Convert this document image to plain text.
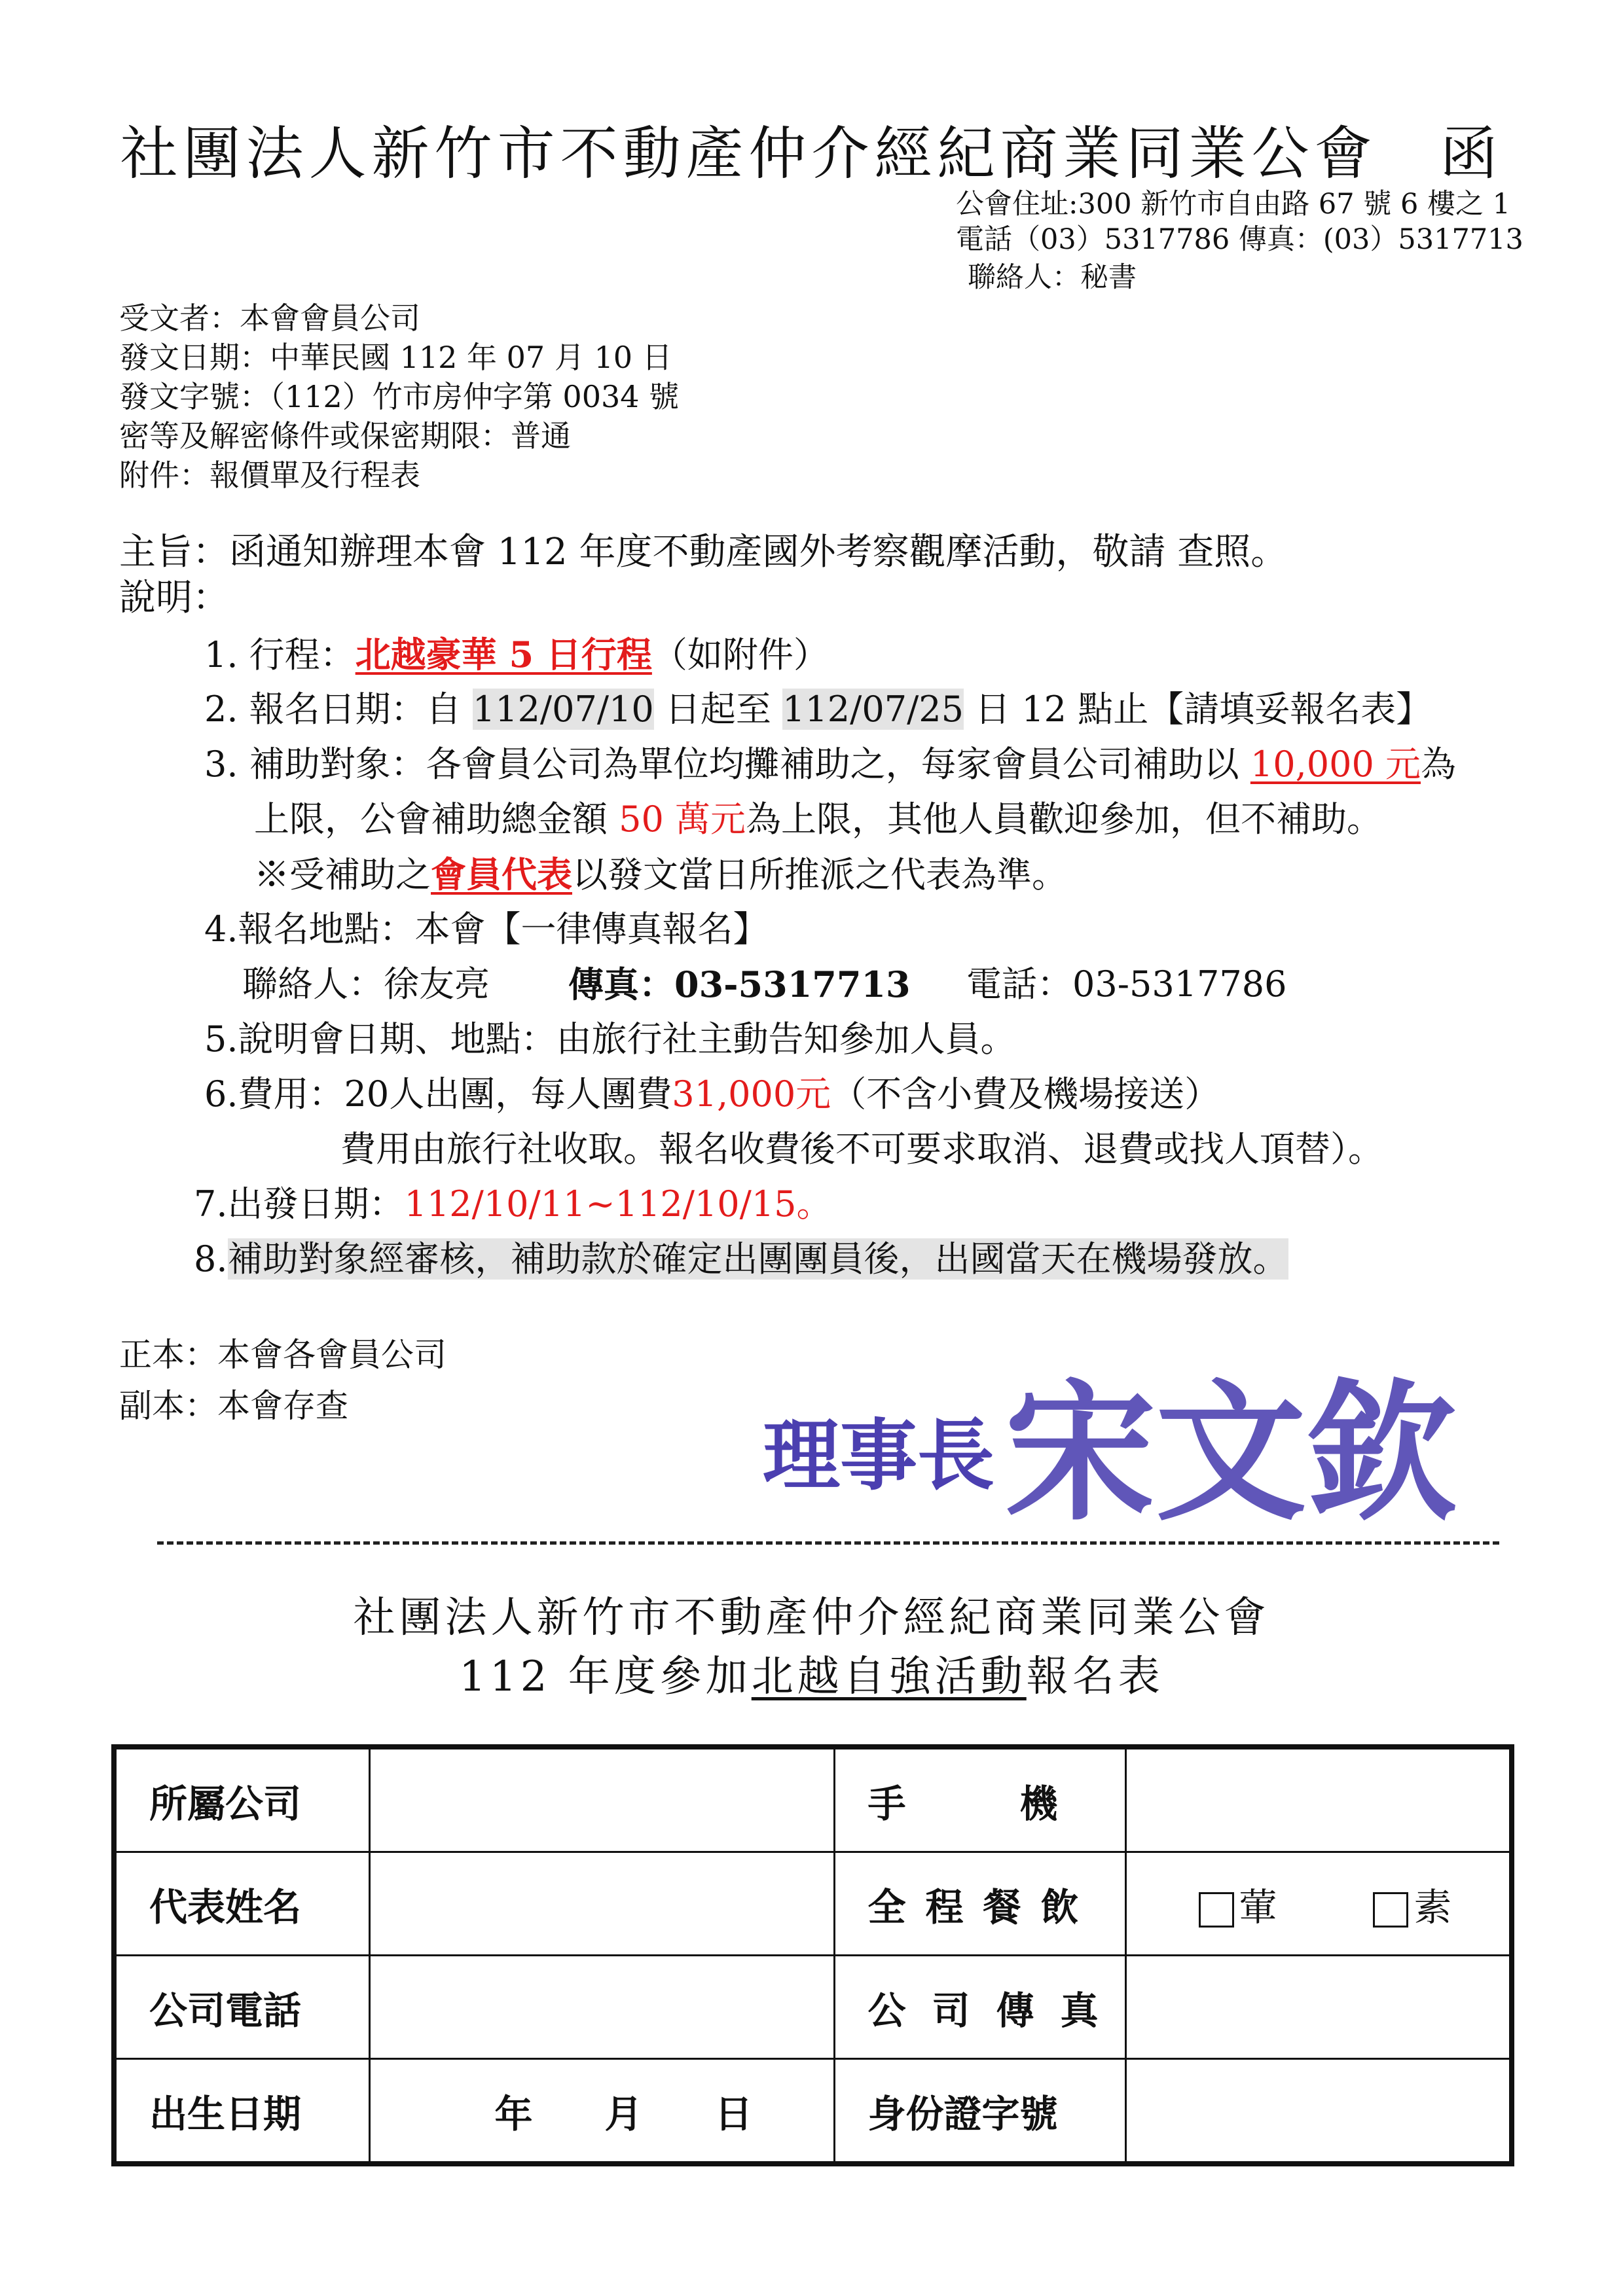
社團法人新竹市不動產仲介經紀商業同業公會　函
公會住址:300 新竹市自由路 67 號 6 樓之 1
電話（03）5317786 傳真：(03）5317713
聯絡人：秘書
受文者：本會會員公司
發文日期：中華民國 112 年 07 月 10 日
發文字號：（112）竹市房仲字第 0034 號
密等及解密條件或保密期限：普通
附件：報價單及行程表
主旨：函通知辦理本會 112 年度不動產國外考察觀摩活動，敬請 查照。
說明：
1. 行程：北越豪華 5 日行程（如附件）
2. 報名日期：自 112/07/10 日起至 112/07/25 日 12 點止【請填妥報名表】
3. 補助對象：各會員公司為單位均攤補助之，每家會員公司補助以 10,000 元為
上限，公會補助總金額 50 萬元為上限，其他人員歡迎參加，但不補助。
※受補助之會員代表以發文當日所推派之代表為準。
4.報名地點：本會【一律傳真報名】
聯絡人：徐友亮 傳真：03-5317713 電話：03-5317786
5.說明會日期、地點：由旅行社主動告知參加人員。
6.費用：20人出團，每人團費31,000元（不含小費及機場接送）
費用由旅行社收取。報名收費後不可要求取消、退費或找人頂替）。
7.出發日期：112/10/11~112/10/15。
8.補助對象經審核，補助款於確定出團團員後，出國當天在機場發放。
正本：本會各會員公司
副本：本會存查
理事長 宋文欽
社團法人新竹市不動產仲介經紀商業同業公會
112 年度參加北越自強活動報名表
所屬公司		手　　　機	
代表姓名		全程餐飲	葷 素
公司電話		公司傳真	
出生日期	年 月 日	身份證字號	
